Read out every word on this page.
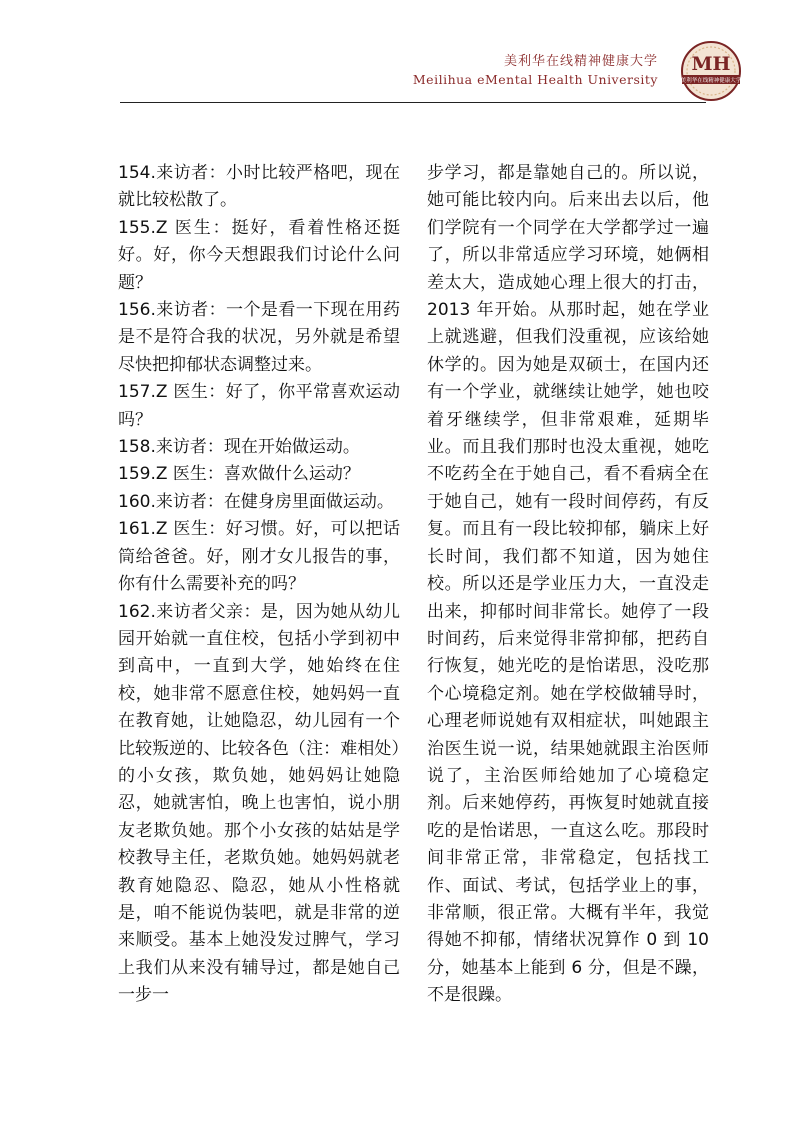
美利华在线精神健康大学
Meilihua eMental Health University
MH
美利华在线精神健康大学

154.来访者：小时比较严格吧，现在就比较松散了。

155.Z 医生：挺好，看着性格还挺好。好，你今天想跟我们讨论什么问题？

156.来访者：一个是看一下现在用药是不是符合我的状况，另外就是希望尽快把抑郁状态调整过来。

157.Z 医生：好了，你平常喜欢运动吗？

158.来访者：现在开始做运动。

159.Z 医生：喜欢做什么运动？

160.来访者：在健身房里面做运动。

161.Z 医生：好习惯。好，可以把话筒给爸爸。好，刚才女儿报告的事，你有什么需要补充的吗？

162.来访者父亲：是，因为她从幼儿园开始就一直住校，包括小学到初中到高中，一直到大学，她始终在住校，她非常不愿意住校，她妈妈一直在教育她，让她隐忍，幼儿园有一个比较叛逆的、比较各色（注：难相处）的小女孩，欺负她，她妈妈让她隐忍，她就害怕，晚上也害怕，说小朋友老欺负她。那个小女孩的姑姑是学校教导主任，老欺负她。她妈妈就老教育她隐忍、隐忍，她从小性格就是，咱不能说伪装吧，就是非常的逆来顺受。基本上她没发过脾气，学习上我们从来没有辅导过，都是她自己一步一

步学习，都是靠她自己的。所以说，她可能比较内向。后来出去以后，他们学院有一个同学在大学都学过一遍了，所以非常适应学习环境，她俩相差太大，造成她心理上很大的打击，2013 年开始。从那时起，她在学业上就逃避，但我们没重视，应该给她休学的。因为她是双硕士，在国内还有一个学业，就继续让她学，她也咬着牙继续学，但非常艰难，延期毕业。而且我们那时也没太重视，她吃不吃药全在于她自己，看不看病全在于她自己，她有一段时间停药，有反复。而且有一段比较抑郁，躺床上好长时间，我们都不知道，因为她住校。所以还是学业压力大，一直没走出来，抑郁时间非常长。她停了一段时间药，后来觉得非常抑郁，把药自行恢复，她光吃的是怡诺思，没吃那个心境稳定剂。她在学校做辅导时，心理老师说她有双相症状，叫她跟主治医生说一说，结果她就跟主治医师说了，主治医师给她加了心境稳定剂。后来她停药，再恢复时她就直接吃的是怡诺思，一直这么吃。那段时间非常正常，非常稳定，包括找工作、面试、考试，包括学业上的事，非常顺，很正常。大概有半年，我觉得她不抑郁，情绪状况算作 0 到 10 分，她基本上能到 6 分，但是不躁，不是很躁。
